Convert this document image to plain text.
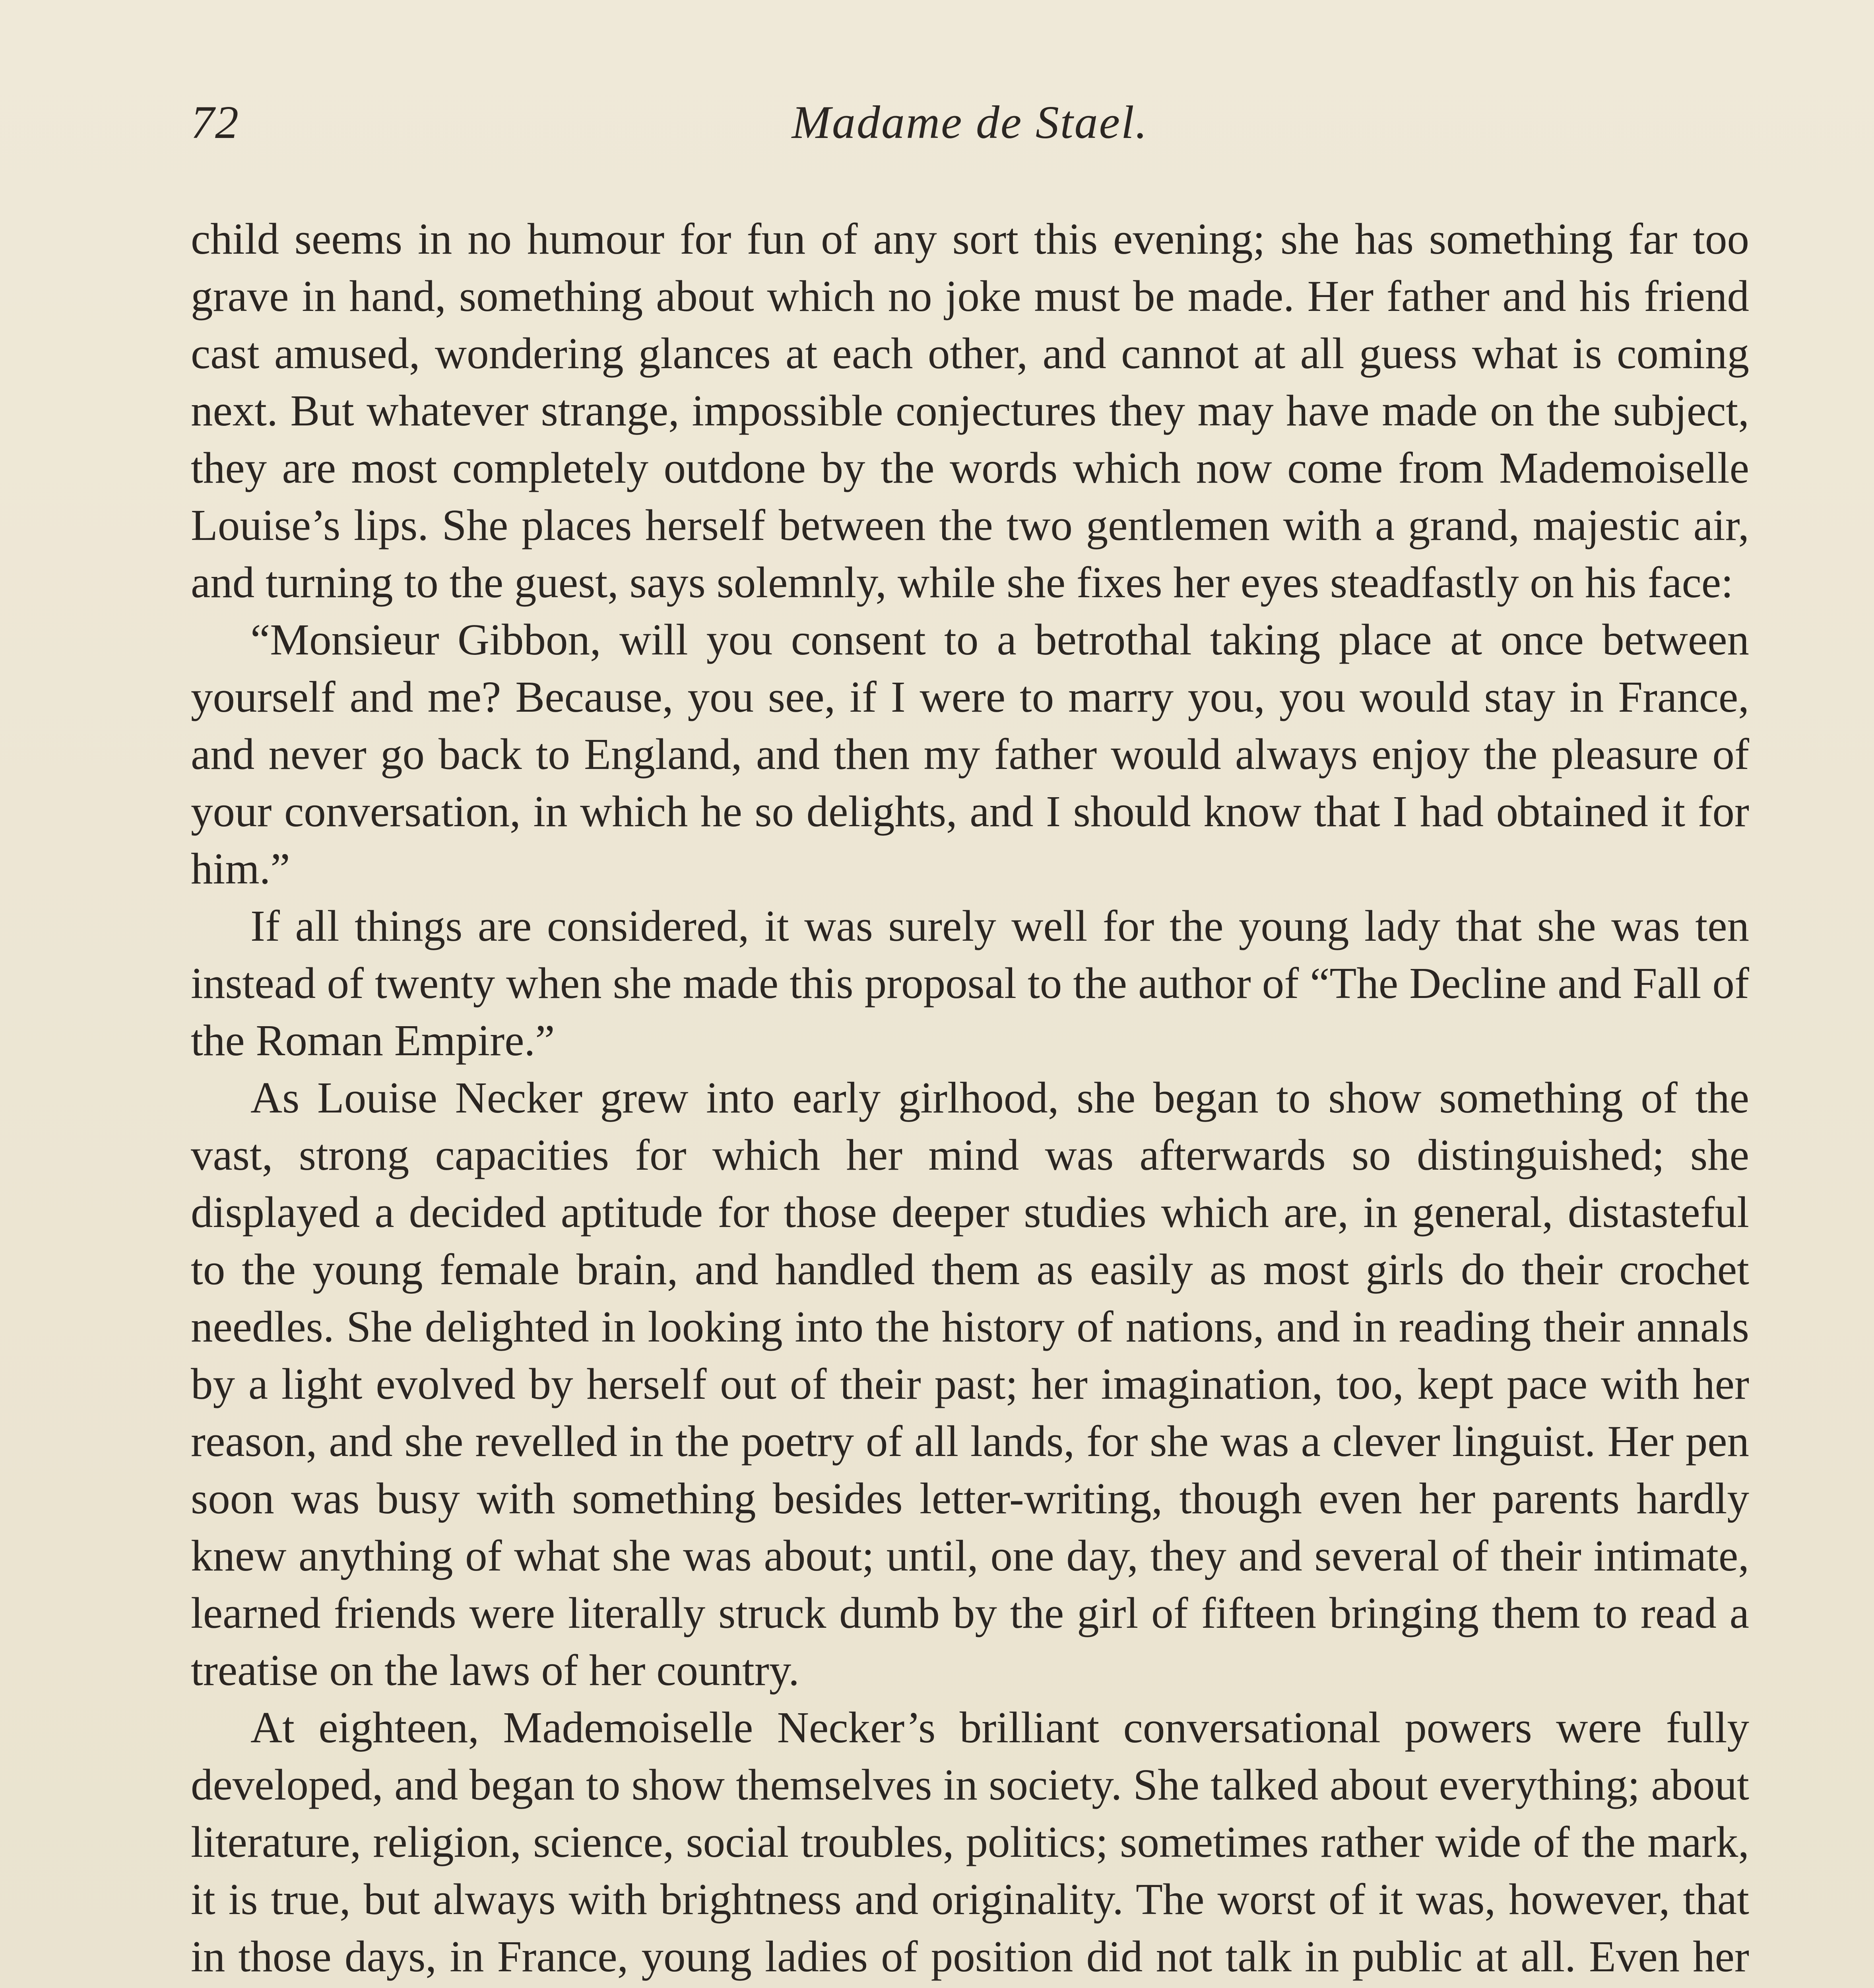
72	Madame de Stael.

child seems in no humour for fun of any sort this evening; she has something far too grave in hand, something about which no joke must be made. Her father and his friend cast amused, wondering glances at each other, and cannot at all guess what is coming next. But whatever strange, impossible conjectures they may have made on the subject, they are most completely outdone by the words which now come from Mademoiselle Louise’s lips. She places herself between the two gentlemen with a grand, majestic air, and turning to the guest, says solemnly, while she fixes her eyes steadfastly on his face:

“Monsieur Gibbon, will you consent to a betrothal taking place at once between yourself and me? Because, you see, if I were to marry you, you would stay in France, and never go back to England, and then my father would always enjoy the pleasure of your conversation, in which he so delights, and I should know that I had obtained it for him.”

If all things are considered, it was surely well for the young lady that she was ten instead of twenty when she made this proposal to the author of “The Decline and Fall of the Roman Empire.”

As Louise Necker grew into early girlhood, she began to show something of the vast, strong capacities for which her mind was afterwards so distinguished; she displayed a decided aptitude for those deeper studies which are, in general, distasteful to the young female brain, and handled them as easily as most girls do their crochet needles. She delighted in looking into the history of nations, and in reading their annals by a light evolved by herself out of their past; her imagination, too, kept pace with her reason, and she revelled in the poetry of all lands, for she was a clever linguist. Her pen soon was busy with something besides letter-writing, though even her parents hardly knew anything of what she was about; until, one day, they and several of their intimate, learned friends were literally struck dumb by the girl of fifteen bringing them to read a treatise on the laws of her country.

At eighteen, Mademoiselle Necker’s brilliant conversational powers were fully developed, and began to show themselves in society. She talked about everything; about literature, religion, science, social troubles, politics; sometimes rather wide of the mark, it is true, but always with brightness and originality. The worst of it was, however, that in those days, in France, young ladies of position did not talk in public at all. Even her
